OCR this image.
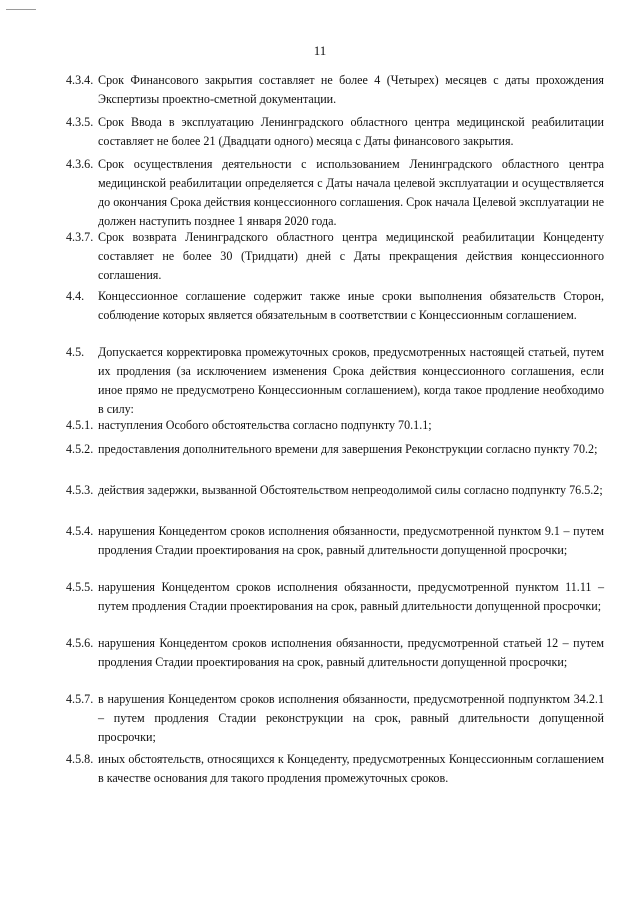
11
4.3.4. Срок Финансового закрытия составляет не более 4 (Четырех) месяцев с даты прохождения Экспертизы проектно-сметной документации.
4.3.5. Срок Ввода в эксплуатацию Ленинградского областного центра медицинской реабилитации составляет не более 21 (Двадцати одного) месяца с Даты финансового закрытия.
4.3.6. Срок осуществления деятельности с использованием Ленинградского областного центра медицинской реабилитации определяется с Даты начала целевой эксплуатации и осуществляется до окончания Срока действия концессионного соглашения. Срок начала Целевой эксплуатации не должен наступить позднее 1 января 2020 года.
4.3.7. Срок возврата Ленинградского областного центра медицинской реабилитации Концеденту составляет не более 30 (Тридцати) дней с Даты прекращения действия концессионного соглашения.
4.4.	Концессионное соглашение содержит также иные сроки выполнения обязательств Сторон, соблюдение которых является обязательным в соответствии с Концессионным соглашением.
4.5.	Допускается корректировка промежуточных сроков, предусмотренных настоящей статьей, путем их продления (за исключением изменения Срока действия концессионного соглашения, если иное прямо не предусмотрено Концессионным соглашением), когда такое продление необходимо в силу:
4.5.1. наступления Особого обстоятельства согласно подпункту 70.1.1;
4.5.2. предоставления дополнительного времени для завершения Реконструкции согласно пункту 70.2;
4.5.3. действия задержки, вызванной Обстоятельством непреодолимой силы согласно подпункту 76.5.2;
4.5.4. нарушения Концедентом сроков исполнения обязанности, предусмотренной пунктом 9.1 – путем продления Стадии проектирования на срок, равный длительности допущенной просрочки;
4.5.5. нарушения Концедентом сроков исполнения обязанности, предусмотренной пунктом 11.11 – путем продления Стадии проектирования на срок, равный длительности допущенной просрочки;
4.5.6. нарушения Концедентом сроков исполнения обязанности, предусмотренной статьей 12 – путем продления Стадии проектирования на срок, равный длительности допущенной просрочки;
4.5.7. в нарушения Концедентом сроков исполнения обязанности, предусмотренной подпунктом 34.2.1 – путем продления Стадии реконструкции на срок, равный длительности допущенной просрочки;
4.5.8. иных обстоятельств, относящихся к Концеденту, предусмотренных Концессионным соглашением в качестве основания для такого продления промежуточных сроков.
